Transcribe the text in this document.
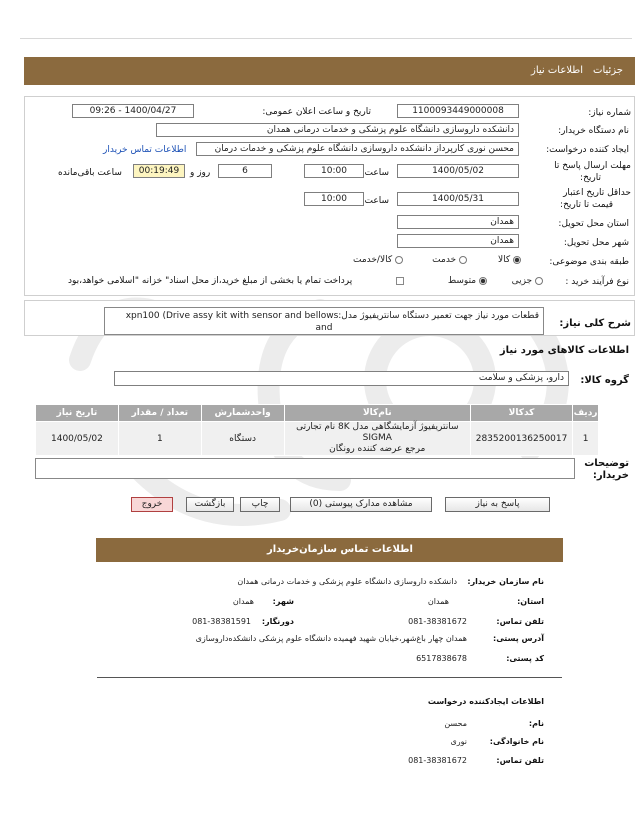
جزئیات
اطلاعات نیاز
شماره نیاز:
1100093449000008
تاریخ و ساعت اعلان عمومی:
1400/04/27 - 09:26
نام دستگاه خریدار:
دانشکده داروسازی دانشگاه علوم پزشکی و خدمات درمانی همدان
ایجاد کننده درخواست:
محسن نوری کارپرداز دانشکده داروسازی دانشگاه علوم پزشکی و خدمات درمان
اطلاعات تماس خریدار
مهلت ارسال پاسخ تا
تاریخ:
1400/05/02
ساعت
10:00
6
روز و
00:19:49
ساعت باقی‌مانده
حداقل تاریخ اعتبار
قیمت تا تاریخ:
1400/05/31
ساعت
10:00
استان محل تحویل:
همدان
شهر محل تحویل:
همدان
طبقه بندی موضوعی:
کالا
خدمت
کالا/خدمت
نوع فرآیند خرید :
جزیی
متوسط
پرداخت تمام یا بخشی از مبلغ خرید،از محل اسناد" خزانه "اسلامی خواهد،بود
شرح کلی نیاز:
قطعات مورد نیاز جهت تعمیر دستگاه سانتریفیوژ مدل:xpn100 (Drive assy kit with sensor and bellows
and
اطلاعات کالاهای مورد نیاز
گروه کالا:
دارو، پزشکی و سلامت
ردیف	کدکالا	نام‌کالا	واحدشمارش	تعداد / مقدار	تاریخ نیاز
1	2835200136250017	سانتریفیوژ آزمایشگاهی مدل 8K نام تجارتی SIGMA
مرجع عرضه کننده رونگان	دستگاه	1	1400/05/02
توضیحات خریدار:
پاسخ به نیاز
مشاهده مدارک پیوستی (0)
چاپ
بازگشت
خروج
اطلاعات تماس سازمان‌خریدار
نام سازمان خریدار:
دانشکده داروسازی دانشگاه علوم پزشکی و خدمات درمانی همدان
استان:
همدان
شهر:
همدان
تلفن تماس:
081-38381672
دورنگار:
081-38381591
آدرس پستی:
همدان چهار باغ‌شهر،خیابان شهید فهمیده دانشگاه علوم پزشکی دانشکده‌داروسازی
کد پستی:
6517838678
اطلاعات ایجادکننده درخواست
نام:
محسن
نام خانوادگی:
نوری
تلفن تماس:
081-38381672
